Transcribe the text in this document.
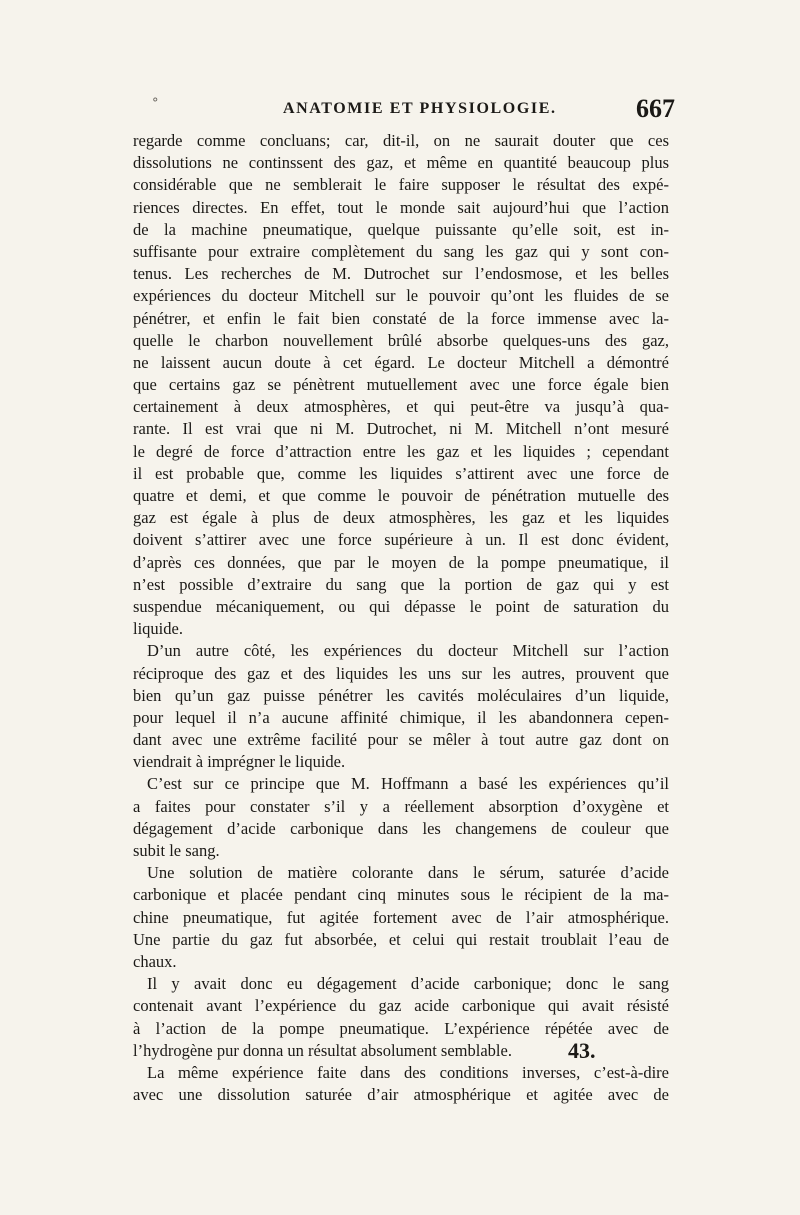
°	ANATOMIE ET PHYSIOLOGIE.	667
regarde comme concluans; car, dit-il, on ne saurait douter que ces
dissolutions ne continssent des gaz, et même en quantité beaucoup plus
considérable que ne semblerait le faire supposer le résultat des expé-
riences directes. En effet, tout le monde sait aujourd’hui que l’action
de la machine pneumatique, quelque puissante qu’elle soit, est in-
suffisante pour extraire complètement du sang les gaz qui y sont con-
tenus. Les recherches de M. Dutrochet sur l’endosmose, et les belles
expériences du docteur Mitchell sur le pouvoir qu’ont les fluides de se
pénétrer, et enfin le fait bien constaté de la force immense avec la-
quelle le charbon nouvellement brûlé absorbe quelques-uns des gaz,
ne laissent aucun doute à cet égard. Le docteur Mitchell a démontré
que certains gaz se pénètrent mutuellement avec une force égale bien
certainement à deux atmosphères, et qui peut-être va jusqu’à qua-
rante. Il est vrai que ni M. Dutrochet, ni M. Mitchell n’ont mesuré
le degré de force d’attraction entre les gaz et les liquides ; cependant
il est probable que, comme les liquides s’attirent avec une force de
quatre et demi, et que comme le pouvoir de pénétration mutuelle des
gaz est égale à plus de deux atmosphères, les gaz et les liquides
doivent s’attirer avec une force supérieure à un. Il est donc évident,
d’après ces données, que par le moyen de la pompe pneumatique, il
n’est possible d’extraire du sang que la portion de gaz qui y est
suspendue mécaniquement, ou qui dépasse le point de saturation du
liquide.
D’un autre côté, les expériences du docteur Mitchell sur l’action
réciproque des gaz et des liquides les uns sur les autres, prouvent que
bien qu’un gaz puisse pénétrer les cavités moléculaires d’un liquide,
pour lequel il n’a aucune affinité chimique, il les abandonnera cepen-
dant avec une extrême facilité pour se mêler à tout autre gaz dont on
viendrait à imprégner le liquide.
C’est sur ce principe que M. Hoffmann a basé les expériences qu’il
a faites pour constater s’il y a réellement absorption d’oxygène et
dégagement d’acide carbonique dans les changemens de couleur que
subit le sang.
Une solution de matière colorante dans le sérum, saturée d’acide
carbonique et placée pendant cinq minutes sous le récipient de la ma-
chine pneumatique, fut agitée fortement avec de l’air atmosphérique.
Une partie du gaz fut absorbée, et celui qui restait troublait l’eau de
chaux.
Il y avait donc eu dégagement d’acide carbonique; donc le sang
contenait avant l’expérience du gaz acide carbonique qui avait résisté
à l’action de la pompe pneumatique. L’expérience répétée avec de
l’hydrogène pur donna un résultat absolument semblable.
La même expérience faite dans des conditions inverses, c’est-à-dire
avec une dissolution saturée d’air atmosphérique et agitée avec de
43.
